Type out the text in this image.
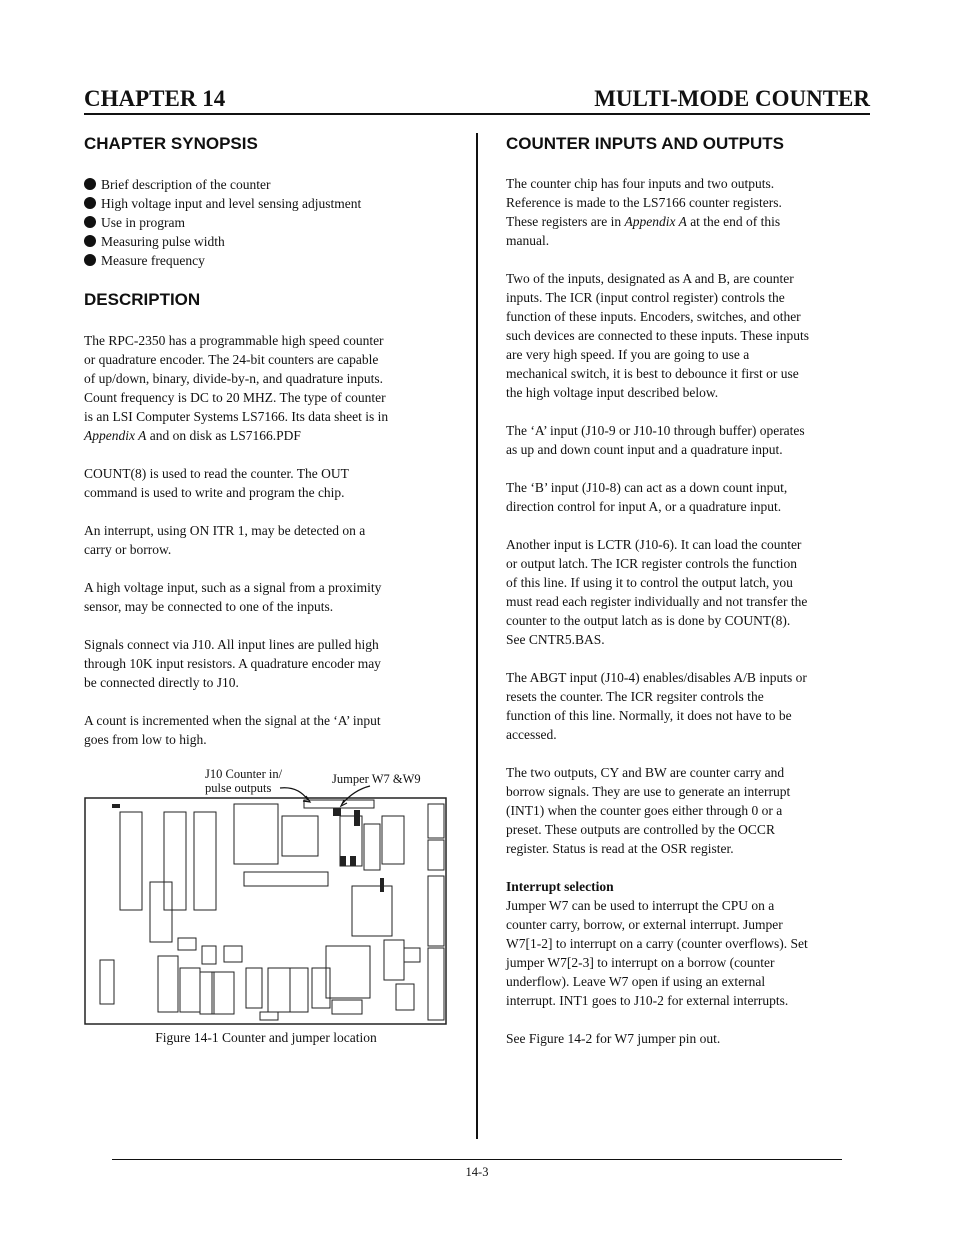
CHAPTER 14	MULTI-MODE COUNTER
CHAPTER SYNOPSIS
Brief description of the counter
High voltage input and level sensing adjustment
Use in program
Measuring pulse width
Measure frequency
DESCRIPTION

The RPC-2350 has a programmable high speed counter

or quadrature encoder. The 24-bit counters are capable

of up/down, binary, divide-by-n, and quadrature inputs.

Count frequency is DC to 20 MHZ. The type of counter

is an LSI Computer Systems LS7166. Its data sheet is in

Appendix A and on disk as LS7166.PDF

COUNT(8) is used to read the counter. The OUT

command is used to write and program the chip.

An interrupt, using ON ITR 1, may be detected on a

carry or borrow.

A high voltage input, such as a signal from a proximity

sensor, may be connected to one of the inputs.

Signals connect via J10. All input lines are pulled high

through 10K input resistors. A quadrature encoder may

be connected directly to J10.

A count is incremented when the signal at the ‘A’ input

goes from low to high.

J10 Counter in/
pulse outputs
Jumper W7 &W9
Figure 14-1 Counter and jumper location
COUNTER INPUTS AND OUTPUTS

The counter chip has four inputs and two outputs.

Reference is made to the LS7166 counter registers.

These registers are in Appendix A at the end of this

manual.

Two of the inputs, designated as A and B, are counter

inputs. The ICR (input control register) controls the

function of these inputs. Encoders, switches, and other

such devices are connected to these inputs. These inputs

are very high speed. If you are going to use a

mechanical switch, it is best to debounce it first or use

the high voltage input described below.

The ‘A’ input (J10-9 or J10-10 through buffer) operates

as up and down count input and a quadrature input.

The ‘B’ input (J10-8) can act as a down count input,

direction control for input A, or a quadrature input.

Another input is LCTR (J10-6). It can load the counter

or output latch. The ICR register controls the function

of this line. If using it to control the output latch, you

must read each register individually and not transfer the

counter to the output latch as is done by COUNT(8).

See CNTR5.BAS.

The ABGT input (J10-4) enables/disables A/B inputs or

resets the counter. The ICR regsiter controls the

function of this line. Normally, it does not have to be

accessed.

The two outputs, CY and BW are counter carry and

borrow signals. They are use to generate an interrupt

(INT1) when the counter goes either through 0 or a

preset. These outputs are controlled by the OCCR

register. Status is read at the OSR register.

Interrupt selection

Jumper W7 can be used to interrupt the CPU on a

counter carry, borrow, or external interrupt. Jumper

W7[1-2] to interrupt on a carry (counter overflows). Set

jumper W7[2-3] to interrupt on a borrow (counter

underflow). Leave W7 open if using an external

interrupt. INT1 goes to J10-2 for external interrupts.

See Figure 14-2 for W7 jumper pin out.

14-3
